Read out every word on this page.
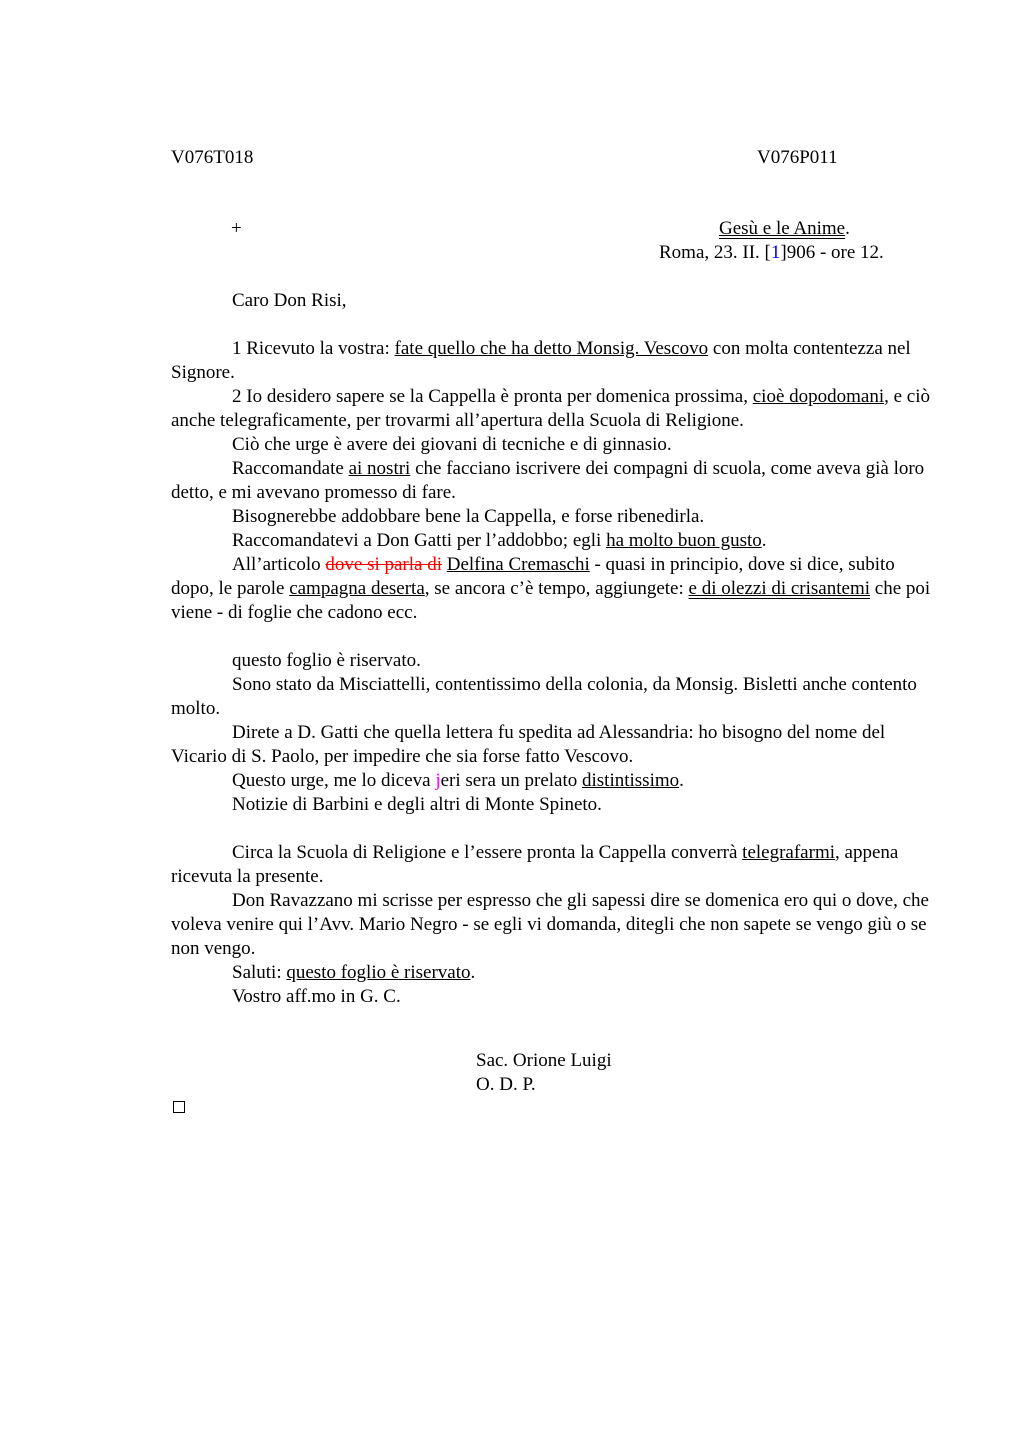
V076T018	V076P011
+	Gesù e le Anime.
Roma, 23. II. [1]906 - ore 12.
Caro Don Risi,

1 Ricevuto la vostra: fate quello che ha detto Monsig. Vescovo con molta contentezza nel Signore.

2 Io desidero sapere se la Cappella è pronta per domenica prossima, cioè dopodomani, e ciò anche telegraficamente, per trovarmi all’apertura della Scuola di Religione.

Ciò che urge è avere dei giovani di tecniche e di ginnasio.

Raccomandate ai nostri che facciano iscrivere dei compagni di scuola, come aveva già loro detto, e mi avevano promesso di fare.

Bisognerebbe addobbare bene la Cappella, e forse ribenedirla.

Raccomandatevi a Don Gatti per l’addobbo; egli ha molto buon gusto.

All’articolo dove si parla di Delfina Cremaschi - quasi in principio, dove si dice, subito dopo, le parole campagna deserta, se ancora c’è tempo, aggiungete: e di olezzi di crisantemi che poi viene - di foglie che cadono ecc.

questo foglio è riservato.

Sono stato da Misciattelli, contentissimo della colonia, da Monsig. Bisletti anche contento molto.

Direte a D. Gatti che quella lettera fu spedita ad Alessandria: ho bisogno del nome del Vicario di S. Paolo, per impedire che sia forse fatto Vescovo.

Questo urge, me lo diceva jeri sera un prelato distintissimo.

Notizie di Barbini e degli altri di Monte Spineto.

Circa la Scuola di Religione e l’essere pronta la Cappella converrà telegrafarmi, appena ricevuta la presente.

Don Ravazzano mi scrisse per espresso che gli sapessi dire se domenica ero qui o dove, che voleva venire qui l’Avv. Mario Negro - se egli vi domanda, ditegli che non sapete se vengo giù o se non vengo.

Saluti: questo foglio è riservato.

Vostro aff.mo in G. C.

Sac. Orione Luigi
O. D. P.
